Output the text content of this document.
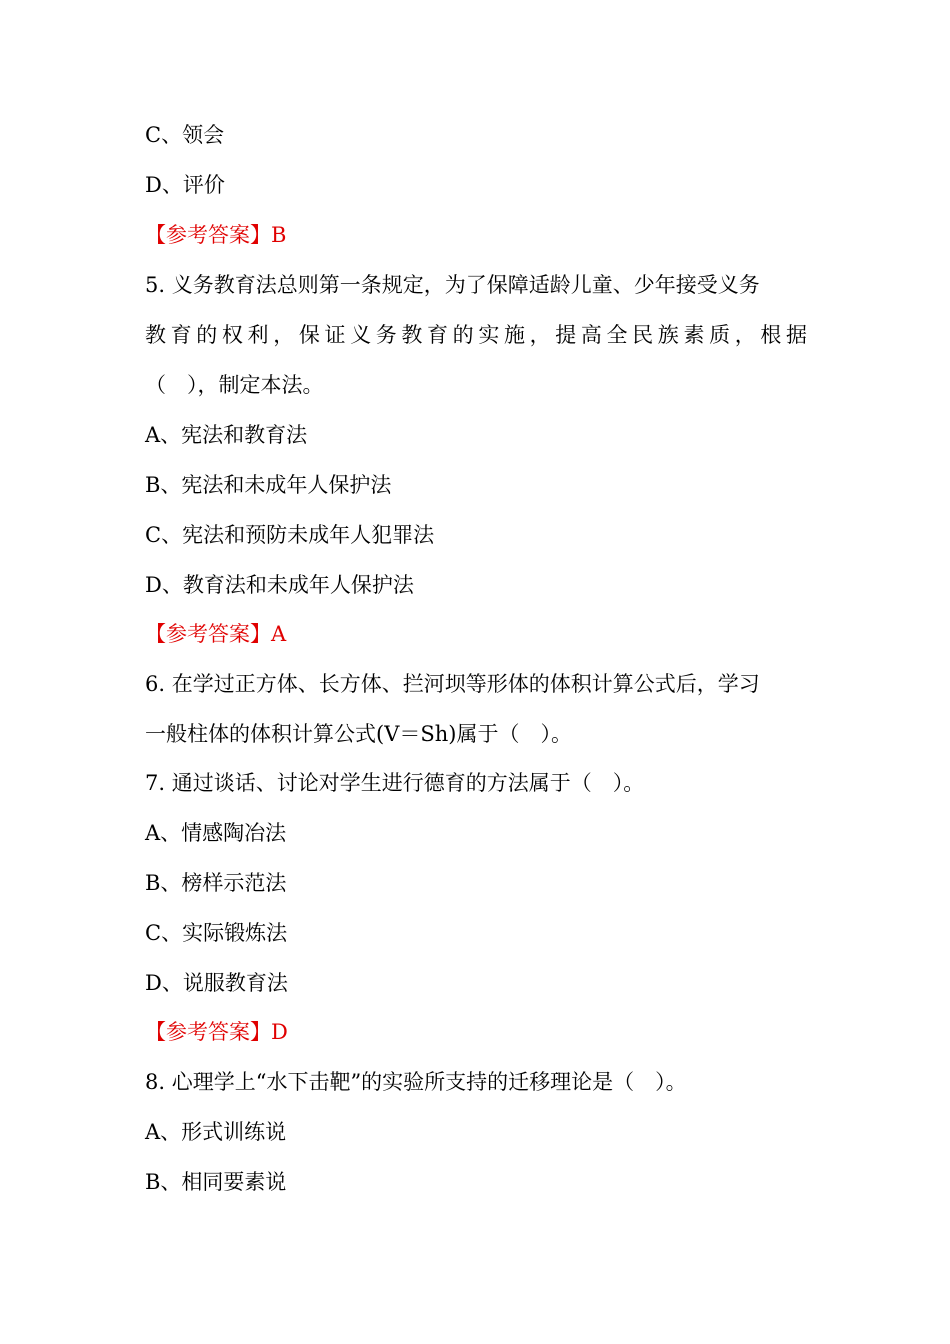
C、领会
D、评价
【参考答案】B
5. 义务教育法总则第一条规定，为了保障适龄儿童、少年接受义务
教育的权利，保证义务教育的实施，提高全民族素质，根据
（　），制定本法。
A、宪法和教育法
B、宪法和未成年人保护法
C、宪法和预防未成年人犯罪法
D、教育法和未成年人保护法
【参考答案】A
6. 在学过正方体、长方体、拦河坝等形体的体积计算公式后，学习
一般柱体的体积计算公式(V＝Sh)属于（　）。
7. 通过谈话、讨论对学生进行德育的方法属于（　）。
A、情感陶冶法
B、榜样示范法
C、实际锻炼法
D、说服教育法
【参考答案】D
8. 心理学上“水下击靶”的实验所支持的迁移理论是（　）。
A、形式训练说
B、相同要素说
